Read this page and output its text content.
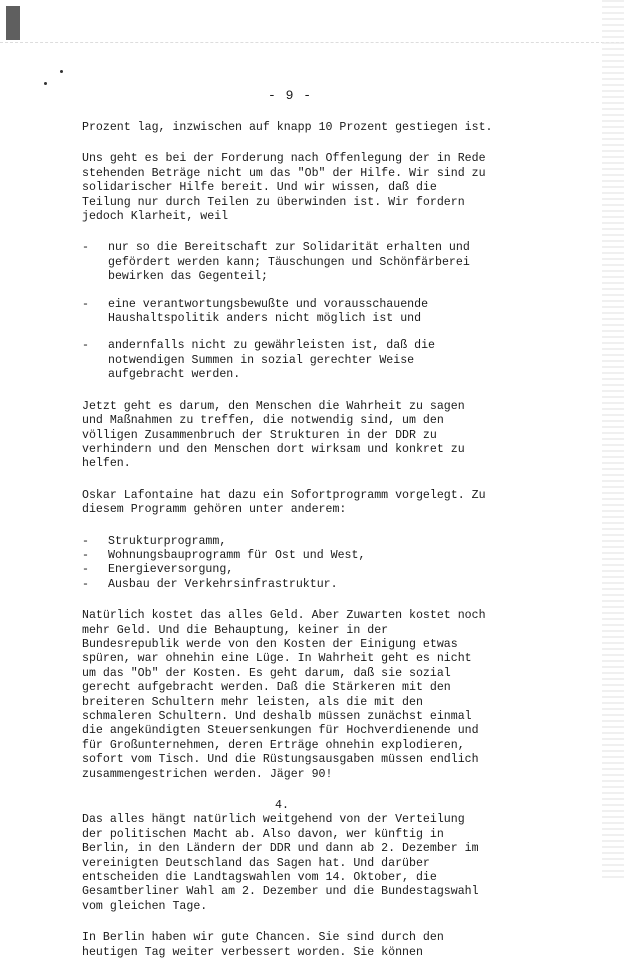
- 9 -

Prozent lag, inzwischen auf knapp 10 Prozent gestiegen ist.

Uns geht es bei der Forderung nach Offenlegung der in Rede
stehenden Beträge nicht um das "Ob" der Hilfe. Wir sind zu
solidarischer Hilfe bereit. Und wir wissen, daß die
Teilung nur durch Teilen zu überwinden ist. Wir fordern
jedoch Klarheit, weil

- nur so die Bereitschaft zur Solidarität erhalten und
gefördert werden kann; Täuschungen und Schönfärberei
bewirken das Gegenteil;
- eine verantwortungsbewußte und vorausschauende
Haushaltspolitik anders nicht möglich ist und
- andernfalls nicht zu gewährleisten ist, daß die
notwendigen Summen in sozial gerechter Weise
aufgebracht werden.

Jetzt geht es darum, den Menschen die Wahrheit zu sagen
und Maßnahmen zu treffen, die notwendig sind, um den
völligen Zusammenbruch der Strukturen in der DDR zu
verhindern und den Menschen dort wirksam und konkret zu
helfen.

Oskar Lafontaine hat dazu ein Sofortprogramm vorgelegt. Zu
diesem Programm gehören unter anderem:

- Strukturprogramm,
- Wohnungsbauprogramm für Ost und West,
- Energieversorgung,
- Ausbau der Verkehrsinfrastruktur.

Natürlich kostet das alles Geld. Aber Zuwarten kostet noch
mehr Geld. Und die Behauptung, keiner in der
Bundesrepublik werde von den Kosten der Einigung etwas
spüren, war ohnehin eine Lüge. In Wahrheit geht es nicht
um das "Ob" der Kosten. Es geht darum, daß sie sozial
gerecht aufgebracht werden. Daß die Stärkeren mit den
breiteren Schultern mehr leisten, als die mit den
schmaleren Schultern. Und deshalb müssen zunächst einmal
die angekündigten Steuersenkungen für Hochverdienende und
für Großunternehmen, deren Erträge ohnehin explodieren,
sofort vom Tisch. Und die Rüstungsausgaben müssen endlich
zusammengestrichen werden. Jäger 90!

4.

Das alles hängt natürlich weitgehend von der Verteilung
der politischen Macht ab. Also davon, wer künftig in
Berlin, in den Ländern der DDR und dann ab 2. Dezember im
vereinigten Deutschland das Sagen hat. Und darüber
entscheiden die Landtagswahlen vom 14. Oktober, die
Gesamtberliner Wahl am 2. Dezember und die Bundestagswahl
vom gleichen Tage.

In Berlin haben wir gute Chancen. Sie sind durch den
heutigen Tag weiter verbessert worden. Sie können
